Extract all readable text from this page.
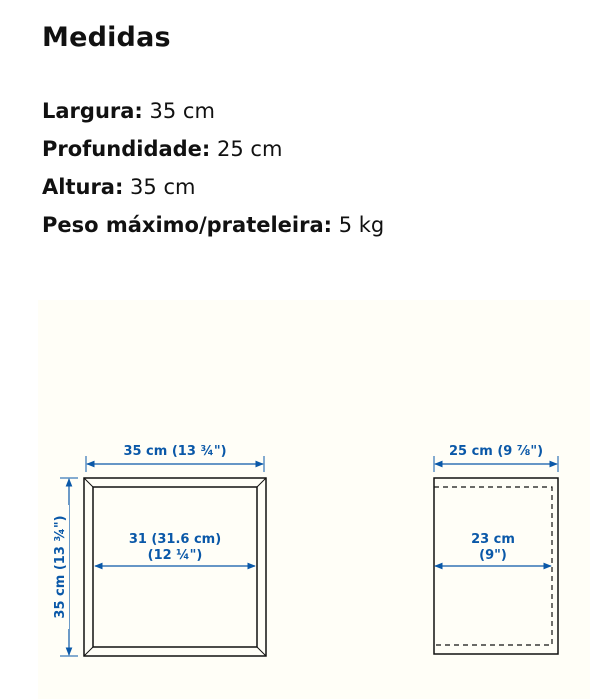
Medidas
Largura: 35 cm
Profundidade: 25 cm
Altura: 35 cm
Peso máximo/prateleira: 5 kg
35 cm (13 ¾")
35 cm (13 ¾")	31 (31.6 cm)
(12 ¼")
25 cm (9 ⅞")
23 cm
(9")
